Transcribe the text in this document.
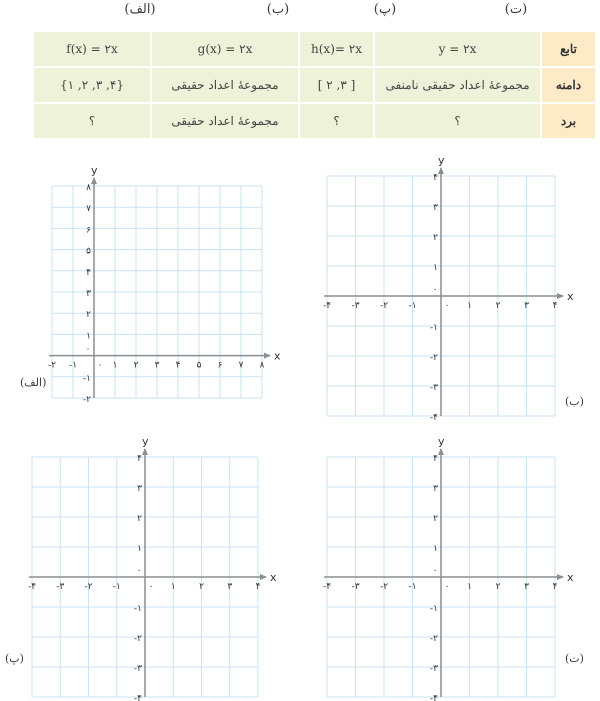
(الف)	(ب)	(پ)	(ت)
تابع	y = ۲x	h(x)= ۲x	g(x) = ۲x	f(x) = ۲x
دامنه	مجموعهٔ اعداد حقیقی نامنفی	[ ۲ ,۳ ]	مجموعهٔ اعداد حقیقی	{۱ ,۲ ,۳ ,۴}
برد	؟	؟	مجموعهٔ اعداد حقیقی	؟
x
y
-۲ -۱ ۰
۰
۱ ۲ ۳ ۴ ۵ ۶ ۷ ۸
-۲
-۱
۱
۲
۳
۴
۵
۶
۷
۸
x
y
-۴ -۳ -۲ -۱	۰
۰
۱	۲	۳	۴
-۴
-۳
-۲
-۱
۱
۲
۳
۴
x
y
-۴ -۳ -۲ -۱	۰
۰
۱	۲	۳	۴
-۴
-۳
-۲
-۱
۱
۲
۳
۴
x
y
-۴ -۳ -۲ -۱	۰
۰
۱	۲	۳	۴
-۴
-۳
-۲
-۱
۱
۲
۳
۴
(الف)
(ب)
(پ)	(ت)
